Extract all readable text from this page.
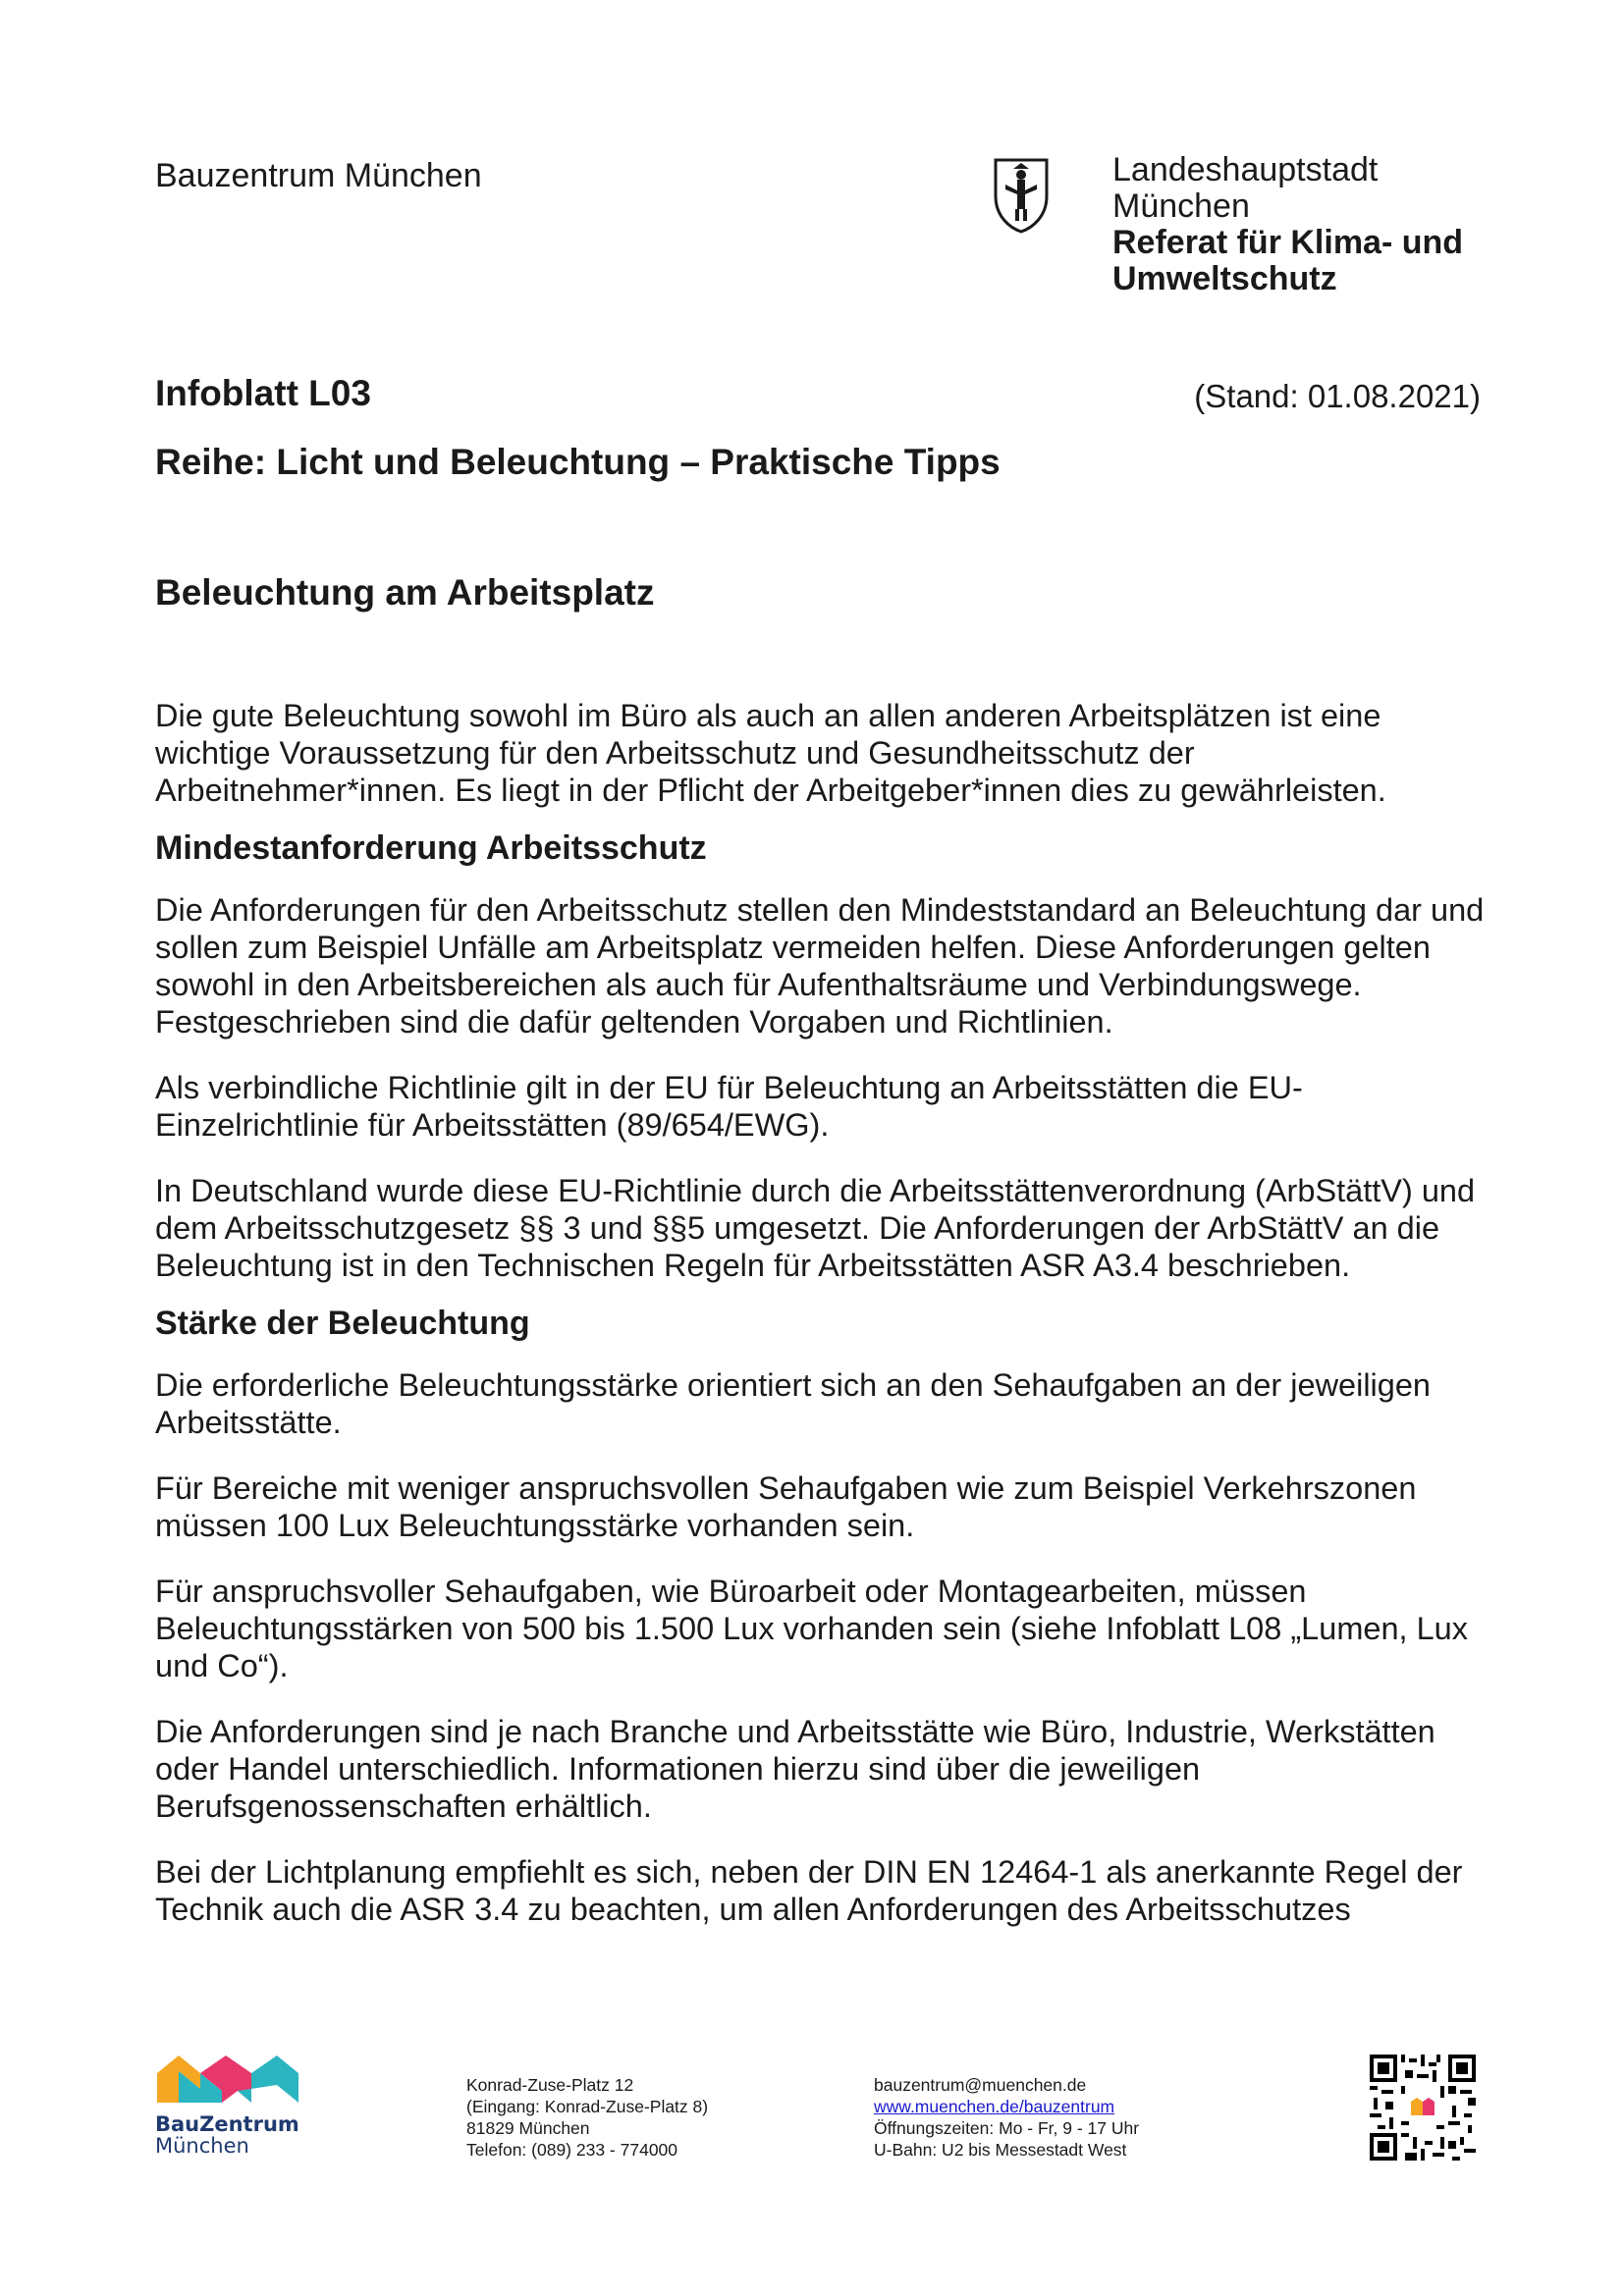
Bauzentrum München	Landeshauptstadt
München
Referat für Klima- und
Umweltschutz
Infoblatt L03	(Stand: 01.08.2021)
Reihe: Licht und Beleuchtung – Praktische Tipps
Beleuchtung am Arbeitsplatz

Die gute Beleuchtung sowohl im Büro als auch an allen anderen Arbeitsplätzen ist eine wichtige Voraussetzung für den Arbeitsschutz und Gesundheitsschutz der Arbeitnehmer*innen. Es liegt in der Pflicht der Arbeitgeber*innen dies zu gewährleisten.

Mindestanforderung Arbeitsschutz

Die Anforderungen für den Arbeitsschutz stellen den Mindeststandard an Beleuchtung dar und sollen zum Beispiel Unfälle am Arbeitsplatz vermeiden helfen. Diese Anforderungen gelten sowohl in den Arbeitsbereichen als auch für Aufenthaltsräume und Verbindungswege. Festgeschrieben sind die dafür geltenden Vorgaben und Richtlinien.

Als verbindliche Richtlinie gilt in der EU für Beleuchtung an Arbeitsstätten die EU-Einzelrichtlinie für Arbeitsstätten (89/654/EWG).

In Deutschland wurde diese EU-Richtlinie durch die Arbeitsstättenverordnung (ArbStättV) und dem Arbeitsschutzgesetz §§ 3 und §§5 umgesetzt. Die Anforderungen der ArbStättV an die Beleuchtung ist in den Technischen Regeln für Arbeitsstätten ASR A3.4 beschrieben.

Stärke der Beleuchtung

Die erforderliche Beleuchtungsstärke orientiert sich an den Sehaufgaben an der jeweiligen Arbeitsstätte.

Für Bereiche mit weniger anspruchsvollen Sehaufgaben wie zum Beispiel Verkehrszonen müssen 100 Lux Beleuchtungsstärke vorhanden sein.

Für anspruchsvoller Sehaufgaben, wie Büroarbeit oder Montagearbeiten, müssen Beleuchtungsstärken von 500 bis 1.500 Lux vorhanden sein (siehe Infoblatt L08 „Lumen, Lux und Co“).

Die Anforderungen sind je nach Branche und Arbeitsstätte wie Büro, Industrie, Werkstätten oder Handel unterschiedlich. Informationen hierzu sind über die jeweiligen Berufsgenossenschaften erhältlich.

Bei der Lichtplanung empfiehlt es sich, neben der DIN EN 12464-1 als anerkannte Regel der Technik auch die ASR 3.4 zu beachten, um allen Anforderungen des Arbeitsschutzes

BauZentrum
München
Konrad-Zuse-Platz 12
(Eingang: Konrad-Zuse-Platz 8)
81829 München
Telefon: (089) 233 - 774000
bauzentrum@muenchen.de
www.muenchen.de/bauzentrum
Öffnungszeiten: Mo - Fr, 9 - 17 Uhr
U-Bahn: U2 bis Messestadt West
